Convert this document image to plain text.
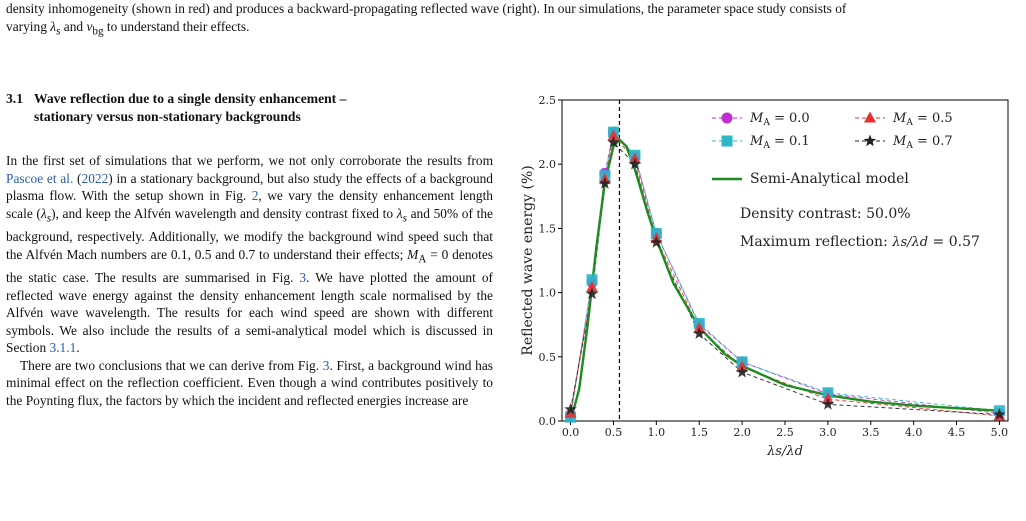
density inhomogeneity (shown in red) and produces a backward-propagating reflected wave (right). In our simulations, the parameter space study consists of

varying $\lambda_s$ and $v_{bg}$ to understand their effects.

3.1 Wave reflection due to a single density enhancement –
stationary versus non-stationary backgrounds

In the first set of simulations that we perform, we not only corroborate the results from Pascoe et al. (2022) in a stationary background, but also study the effects of a background plasma flow. With the setup shown in Fig. 2, we vary the density enhancement length scale $(\lambda_s)$, and keep the Alfvén wavelength and density contrast fixed to $\lambda_s$ and 50% of the background, respectively. Additionally, we modify the background wind speed such that the Alfvén Mach numbers are 0.1, 0.5 and 0.7 to understand their effects; $M_A = 0$ denotes the static case. The results are summarised in Fig. 3. We have plotted the amount of reflected wave energy against the density enhancement length scale normalised by the Alfvén wave wavelength. The results for each wind speed are shown with different symbols. We also include the results of a semi-analytical model which is discussed in Section 3.1.1.

There are two conclusions that we can derive from Fig. 3. First, a background wind has minimal effect on the reflection coefficient. Even though a wind contributes positively to the Poynting flux, the factors by which the incident and reflected energies increase are

0.0 0.5 1.0 1.5 2.0 2.5 3.0 3.5 4.0 4.5 5.0
0.0
0.5
1.0
1.5
2.0
2.5
λs/λd
Reflected wave energy (%)
$M_A = 0.0$	$M_A = 0.5$
$M_A = 0.1$	$M_A = 0.7$
Semi-Analytical model
Density contrast: 50.0%
Maximum reflection: λs/λd = 0.57
